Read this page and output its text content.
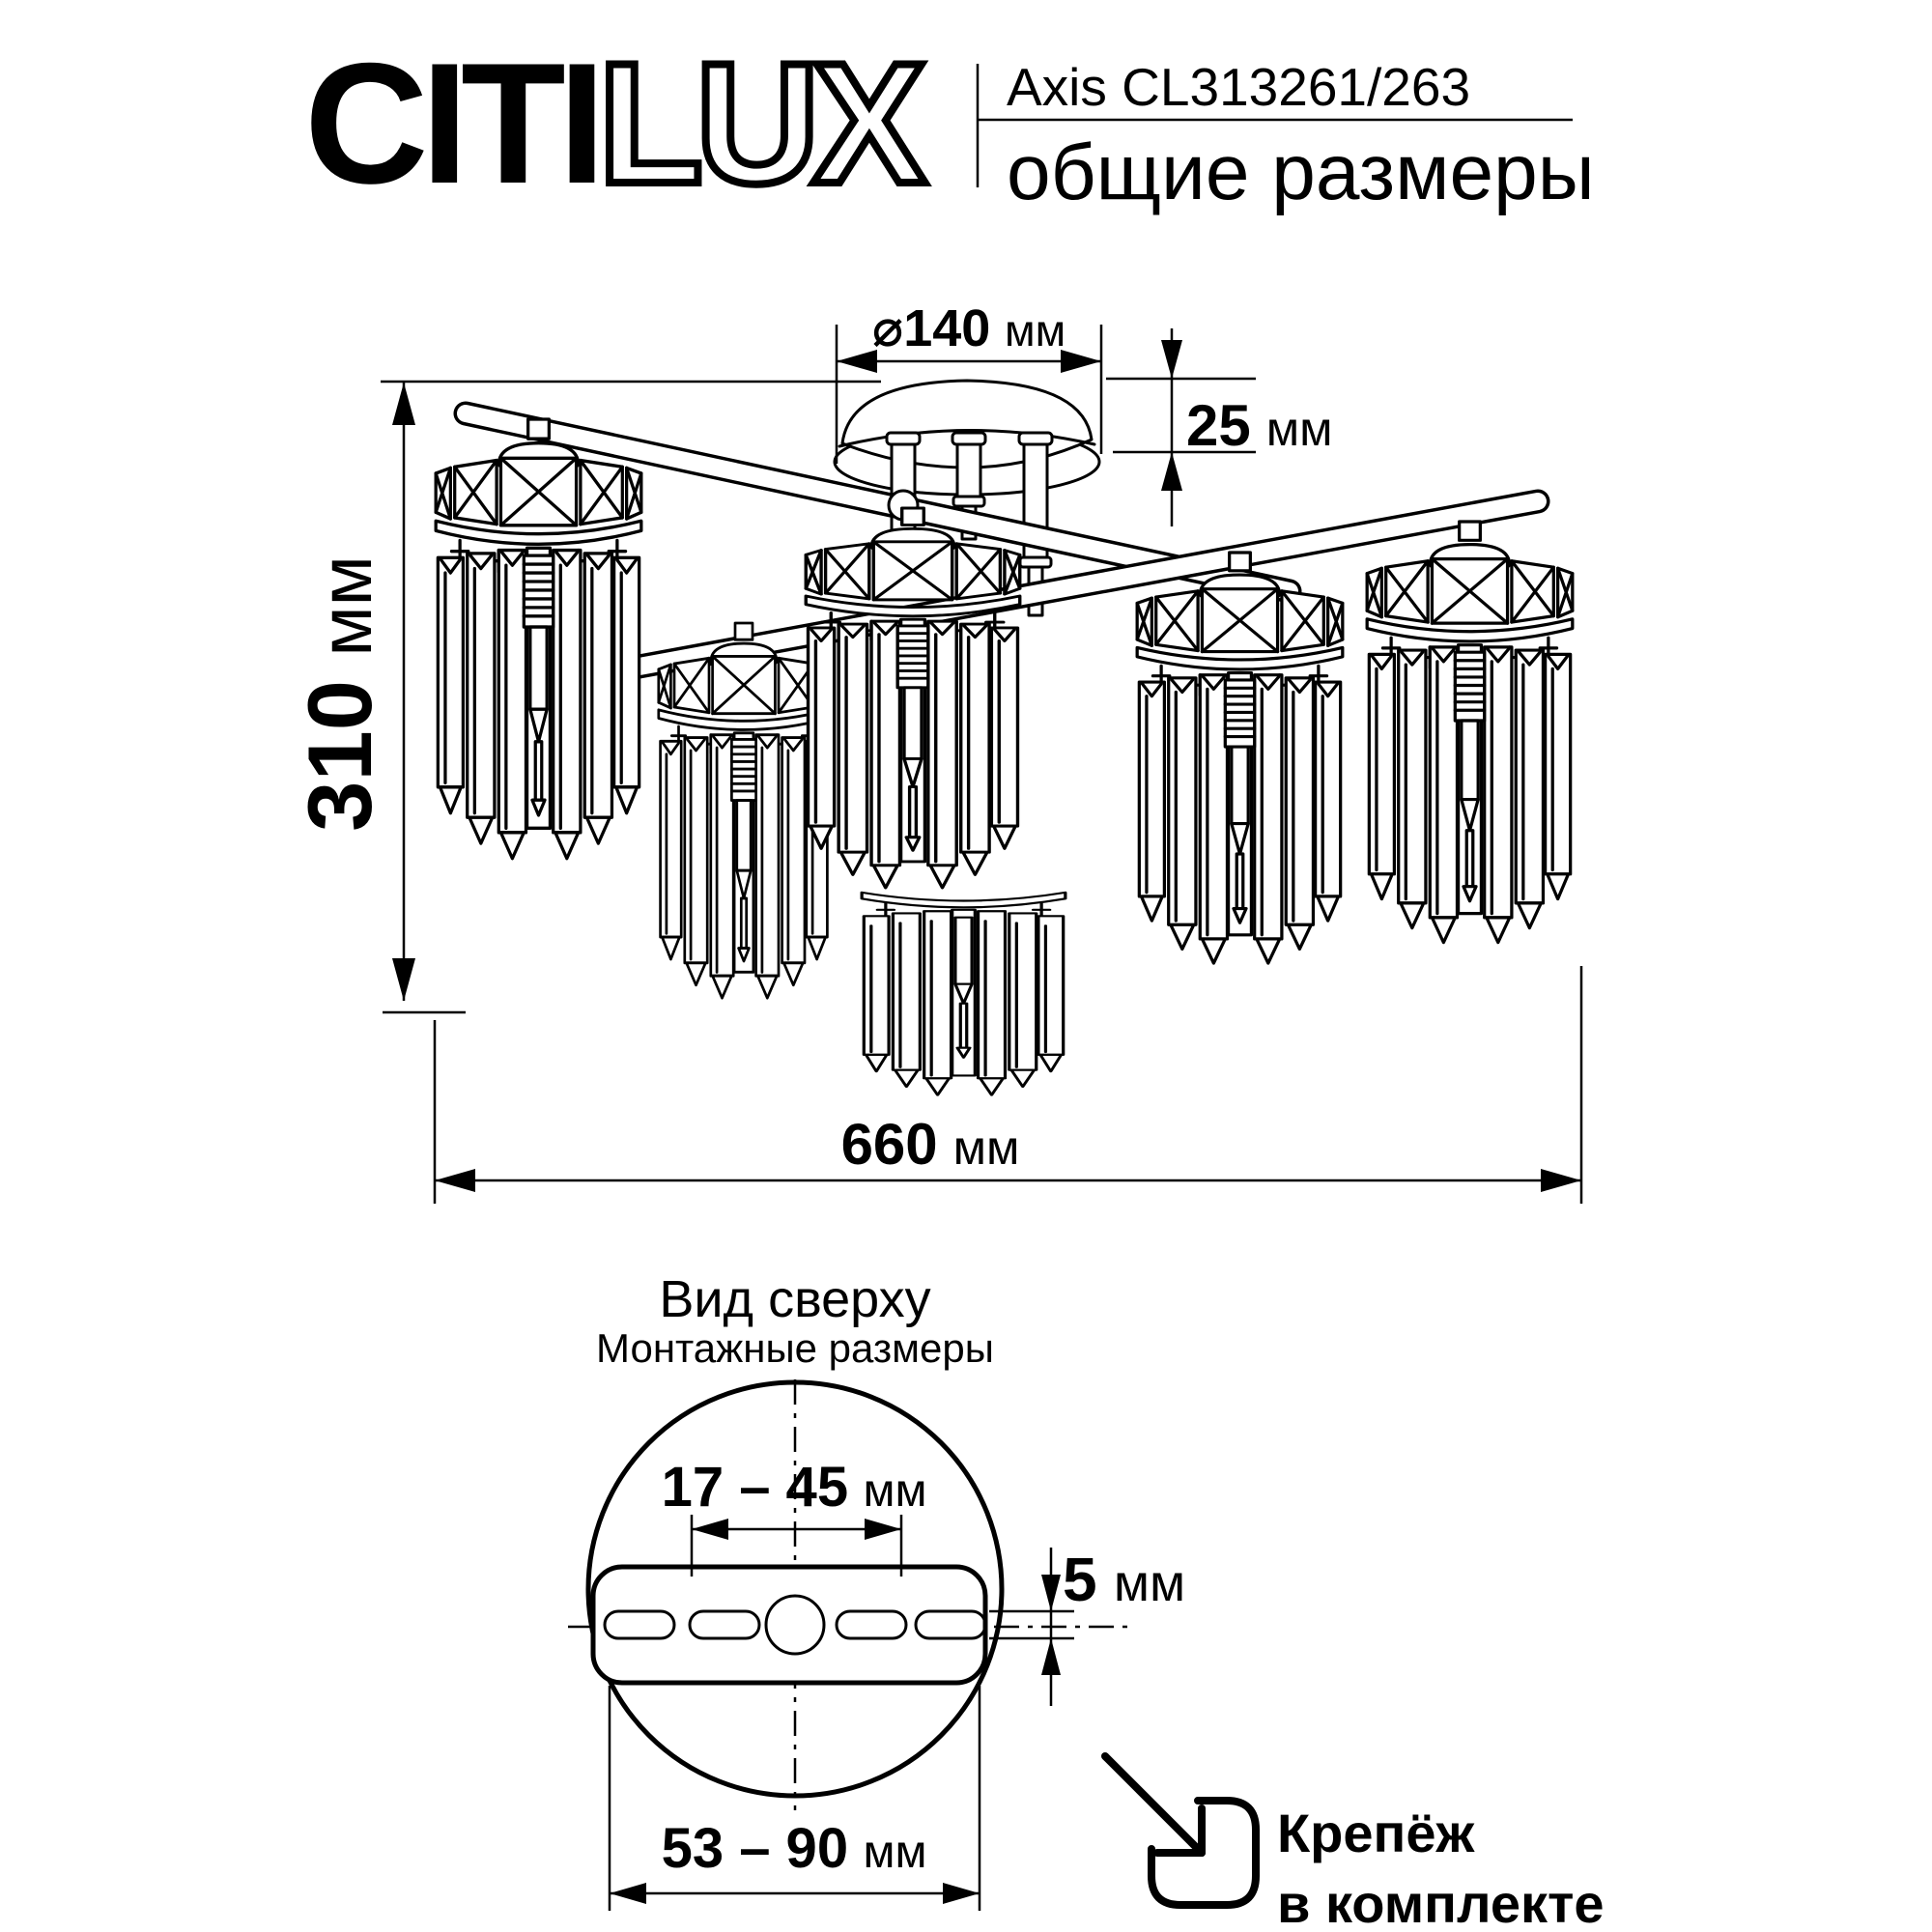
CITILUX Axis CL313261/263
общие размеры
⌀140 мм
25 мм
310мм
660 мм
Вид сверху
Монтажные размеры
17 – 45 мм
5 мм
53 – 90 мм	Крепёж
в комплекте
